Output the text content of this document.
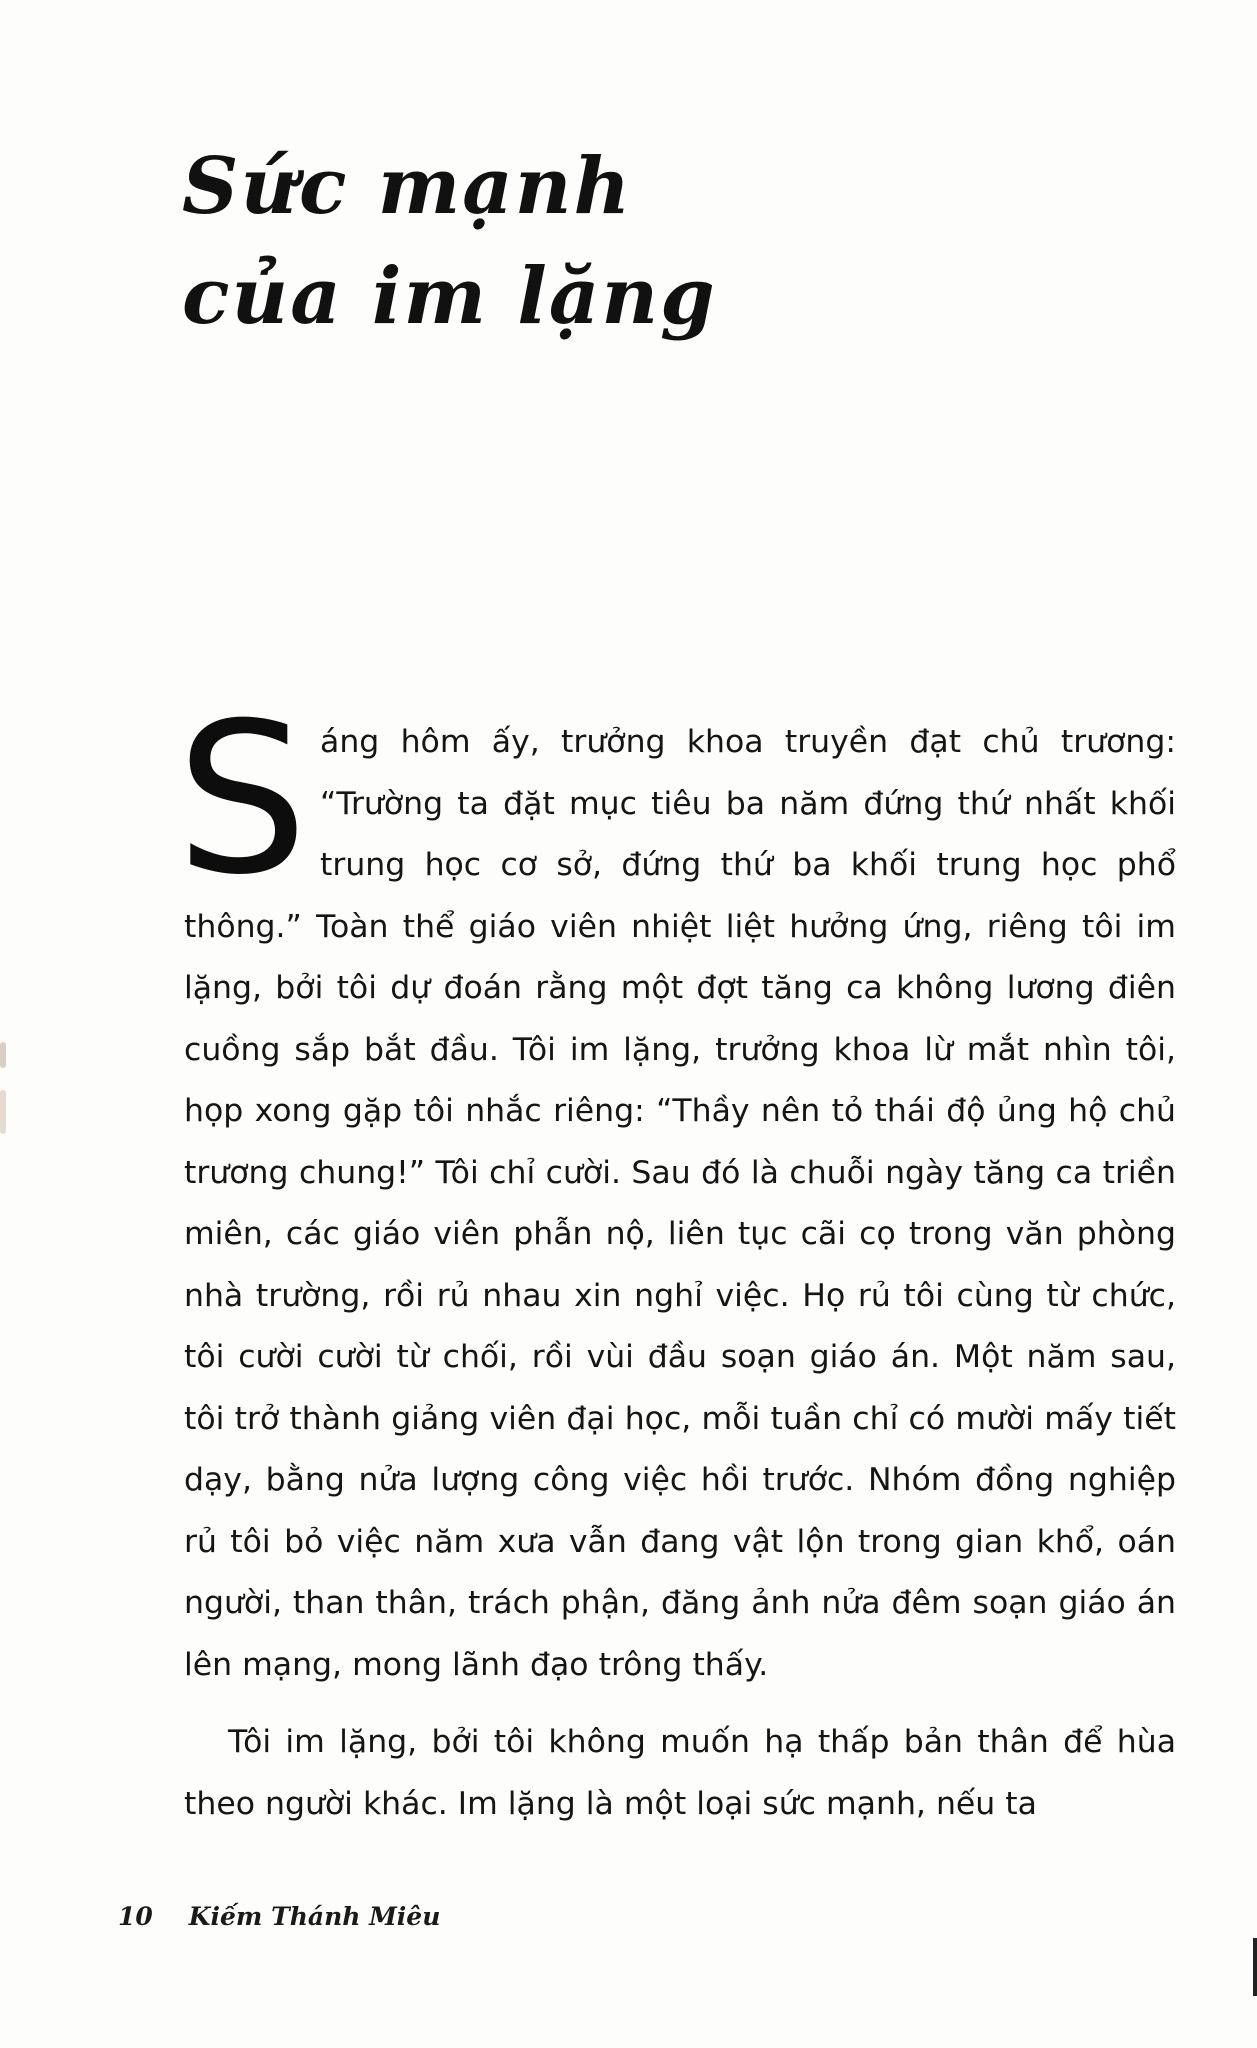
Sức mạnh
của im lặng

Sáng hôm ấy, trưởng khoa truyền đạt chủ trương: “Trường ta đặt mục tiêu ba năm đứng thứ nhất khối trung học cơ sở, đứng thứ ba khối trung học phổ thông.” Toàn thể giáo viên nhiệt liệt hưởng ứng, riêng tôi im lặng, bởi tôi dự đoán rằng một đợt tăng ca không lương điên cuồng sắp bắt đầu. Tôi im lặng, trưởng khoa lừ mắt nhìn tôi, họp xong gặp tôi nhắc riêng: “Thầy nên tỏ thái độ ủng hộ chủ trương chung!” Tôi chỉ cười. Sau đó là chuỗi ngày tăng ca triền miên, các giáo viên phẫn nộ, liên tục cãi cọ trong văn phòng nhà trường, rồi rủ nhau xin nghỉ việc. Họ rủ tôi cùng từ chức, tôi cười cười từ chối, rồi vùi đầu soạn giáo án. Một năm sau, tôi trở thành giảng viên đại học, mỗi tuần chỉ có mười mấy tiết dạy, bằng nửa lượng công việc hồi trước. Nhóm đồng nghiệp rủ tôi bỏ việc năm xưa vẫn đang vật lộn trong gian khổ, oán người, than thân, trách phận, đăng ảnh nửa đêm soạn giáo án lên mạng, mong lãnh đạo trông thấy.

Tôi im lặng, bởi tôi không muốn hạ thấp bản thân để hùa theo người khác. Im lặng là một loại sức mạnh, nếu ta

10 Kiếm Thánh Miêu
